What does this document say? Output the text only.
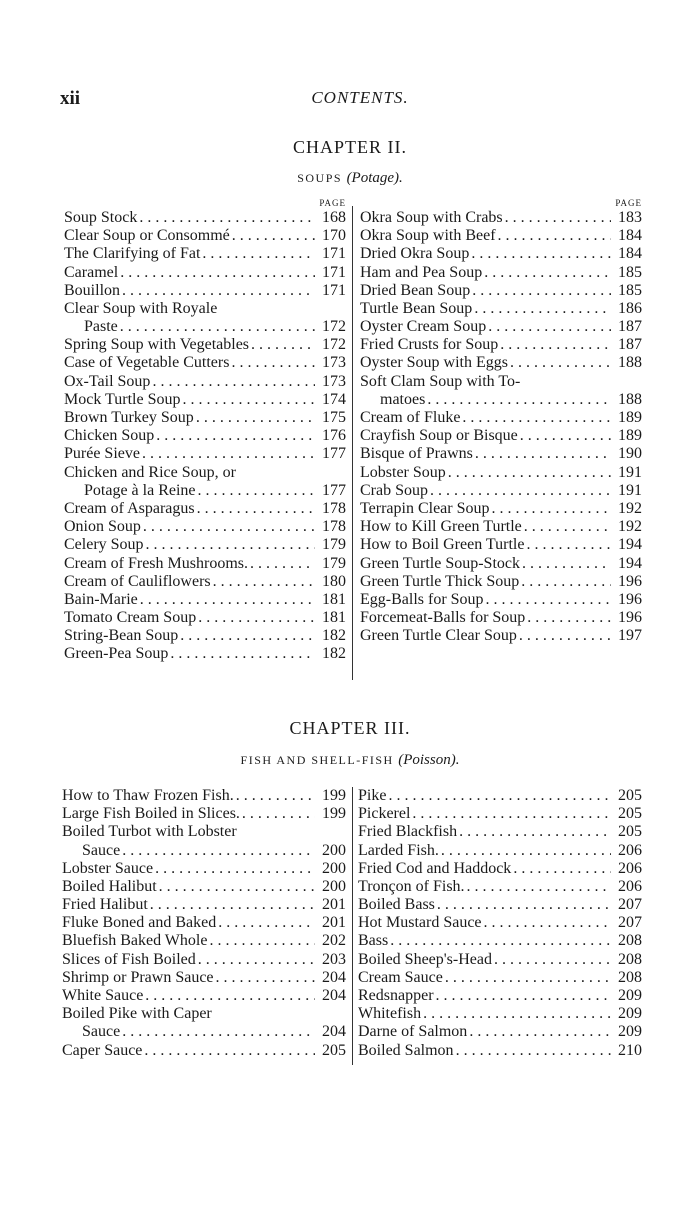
xii	CONTENTS.
CHAPTER II.
SOUPS (Potage).
PAGE
Soup Stock . . .	168
Clear Soup or Consommé . . .	170
The Clarifying of Fat . . .	171
Caramel . . .	171
Bouillon . . .	171
Clear Soup with Royale
Paste . . .	172
Spring Soup with Vegetables . . .	172
Case of Vegetable Cutters . . .	173
Ox-Tail Soup . . .	173
Mock Turtle Soup . . .	174
Brown Turkey Soup . . .	175
Chicken Soup . . .	176
Purée Sieve . . .	177
Chicken and Rice Soup, or
Potage à la Reine . . .	177
Cream of Asparagus . . .	178
Onion Soup . . .	178
Celery Soup . . .	179
Cream of Fresh Mushrooms. . . .	179
Cream of Cauliflowers . . .	180
Bain-Marie . . .	181
Tomato Cream Soup . . .	181
String-Bean Soup . . .	182
Green-Pea Soup . . .	182
PAGE
Okra Soup with Crabs . . .	183
Okra Soup with Beef . . .	184
Dried Okra Soup . . .	184
Ham and Pea Soup . . .	185
Dried Bean Soup . . .	185
Turtle Bean Soup . . .	186
Oyster Cream Soup . . .	187
Fried Crusts for Soup . . .	187
Oyster Soup with Eggs . . .	188
Soft Clam Soup with To-
matoes . . .	188
Cream of Fluke . . .	189
Crayfish Soup or Bisque . . .	189
Bisque of Prawns . . .	190
Lobster Soup . . .	191
Crab Soup . . .	191
Terrapin Clear Soup . . .	192
How to Kill Green Turtle . . .	192
How to Boil Green Turtle . . .	194
Green Turtle Soup-Stock . . .	194
Green Turtle Thick Soup . . .	196
Egg-Balls for Soup . . .	196
Forcemeat-Balls for Soup . . .	196
Green Turtle Clear Soup . . .	197
CHAPTER III.
FISH AND SHELL-FISH (Poisson).
How to Thaw Frozen Fish. . . .	199
Large Fish Boiled in Slices. . . .	199
Boiled Turbot with Lobster
Sauce . . .	200
Lobster Sauce . . .	200
Boiled Halibut . . .	200
Fried Halibut . . .	201
Fluke Boned and Baked . . .	201
Bluefish Baked Whole . . .	202
Slices of Fish Boiled . . .	203
Shrimp or Prawn Sauce . . .	204
White Sauce . . .	204
Boiled Pike with Caper
Sauce . . .	204
Caper Sauce . . .	205
Pike . . .	205
Pickerel . . .	205
Fried Blackfish . . .	205
Larded Fish. . . .	206
Fried Cod and Haddock . . .	206
Tronçon of Fish. . . .	206
Boiled Bass . . .	207
Hot Mustard Sauce . . .	207
Bass . . .	208
Boiled Sheep's-Head . . .	208
Cream Sauce . . .	208
Redsnapper . . .	209
Whitefish . . .	209
Darne of Salmon . . .	209
Boiled Salmon . . .	210
